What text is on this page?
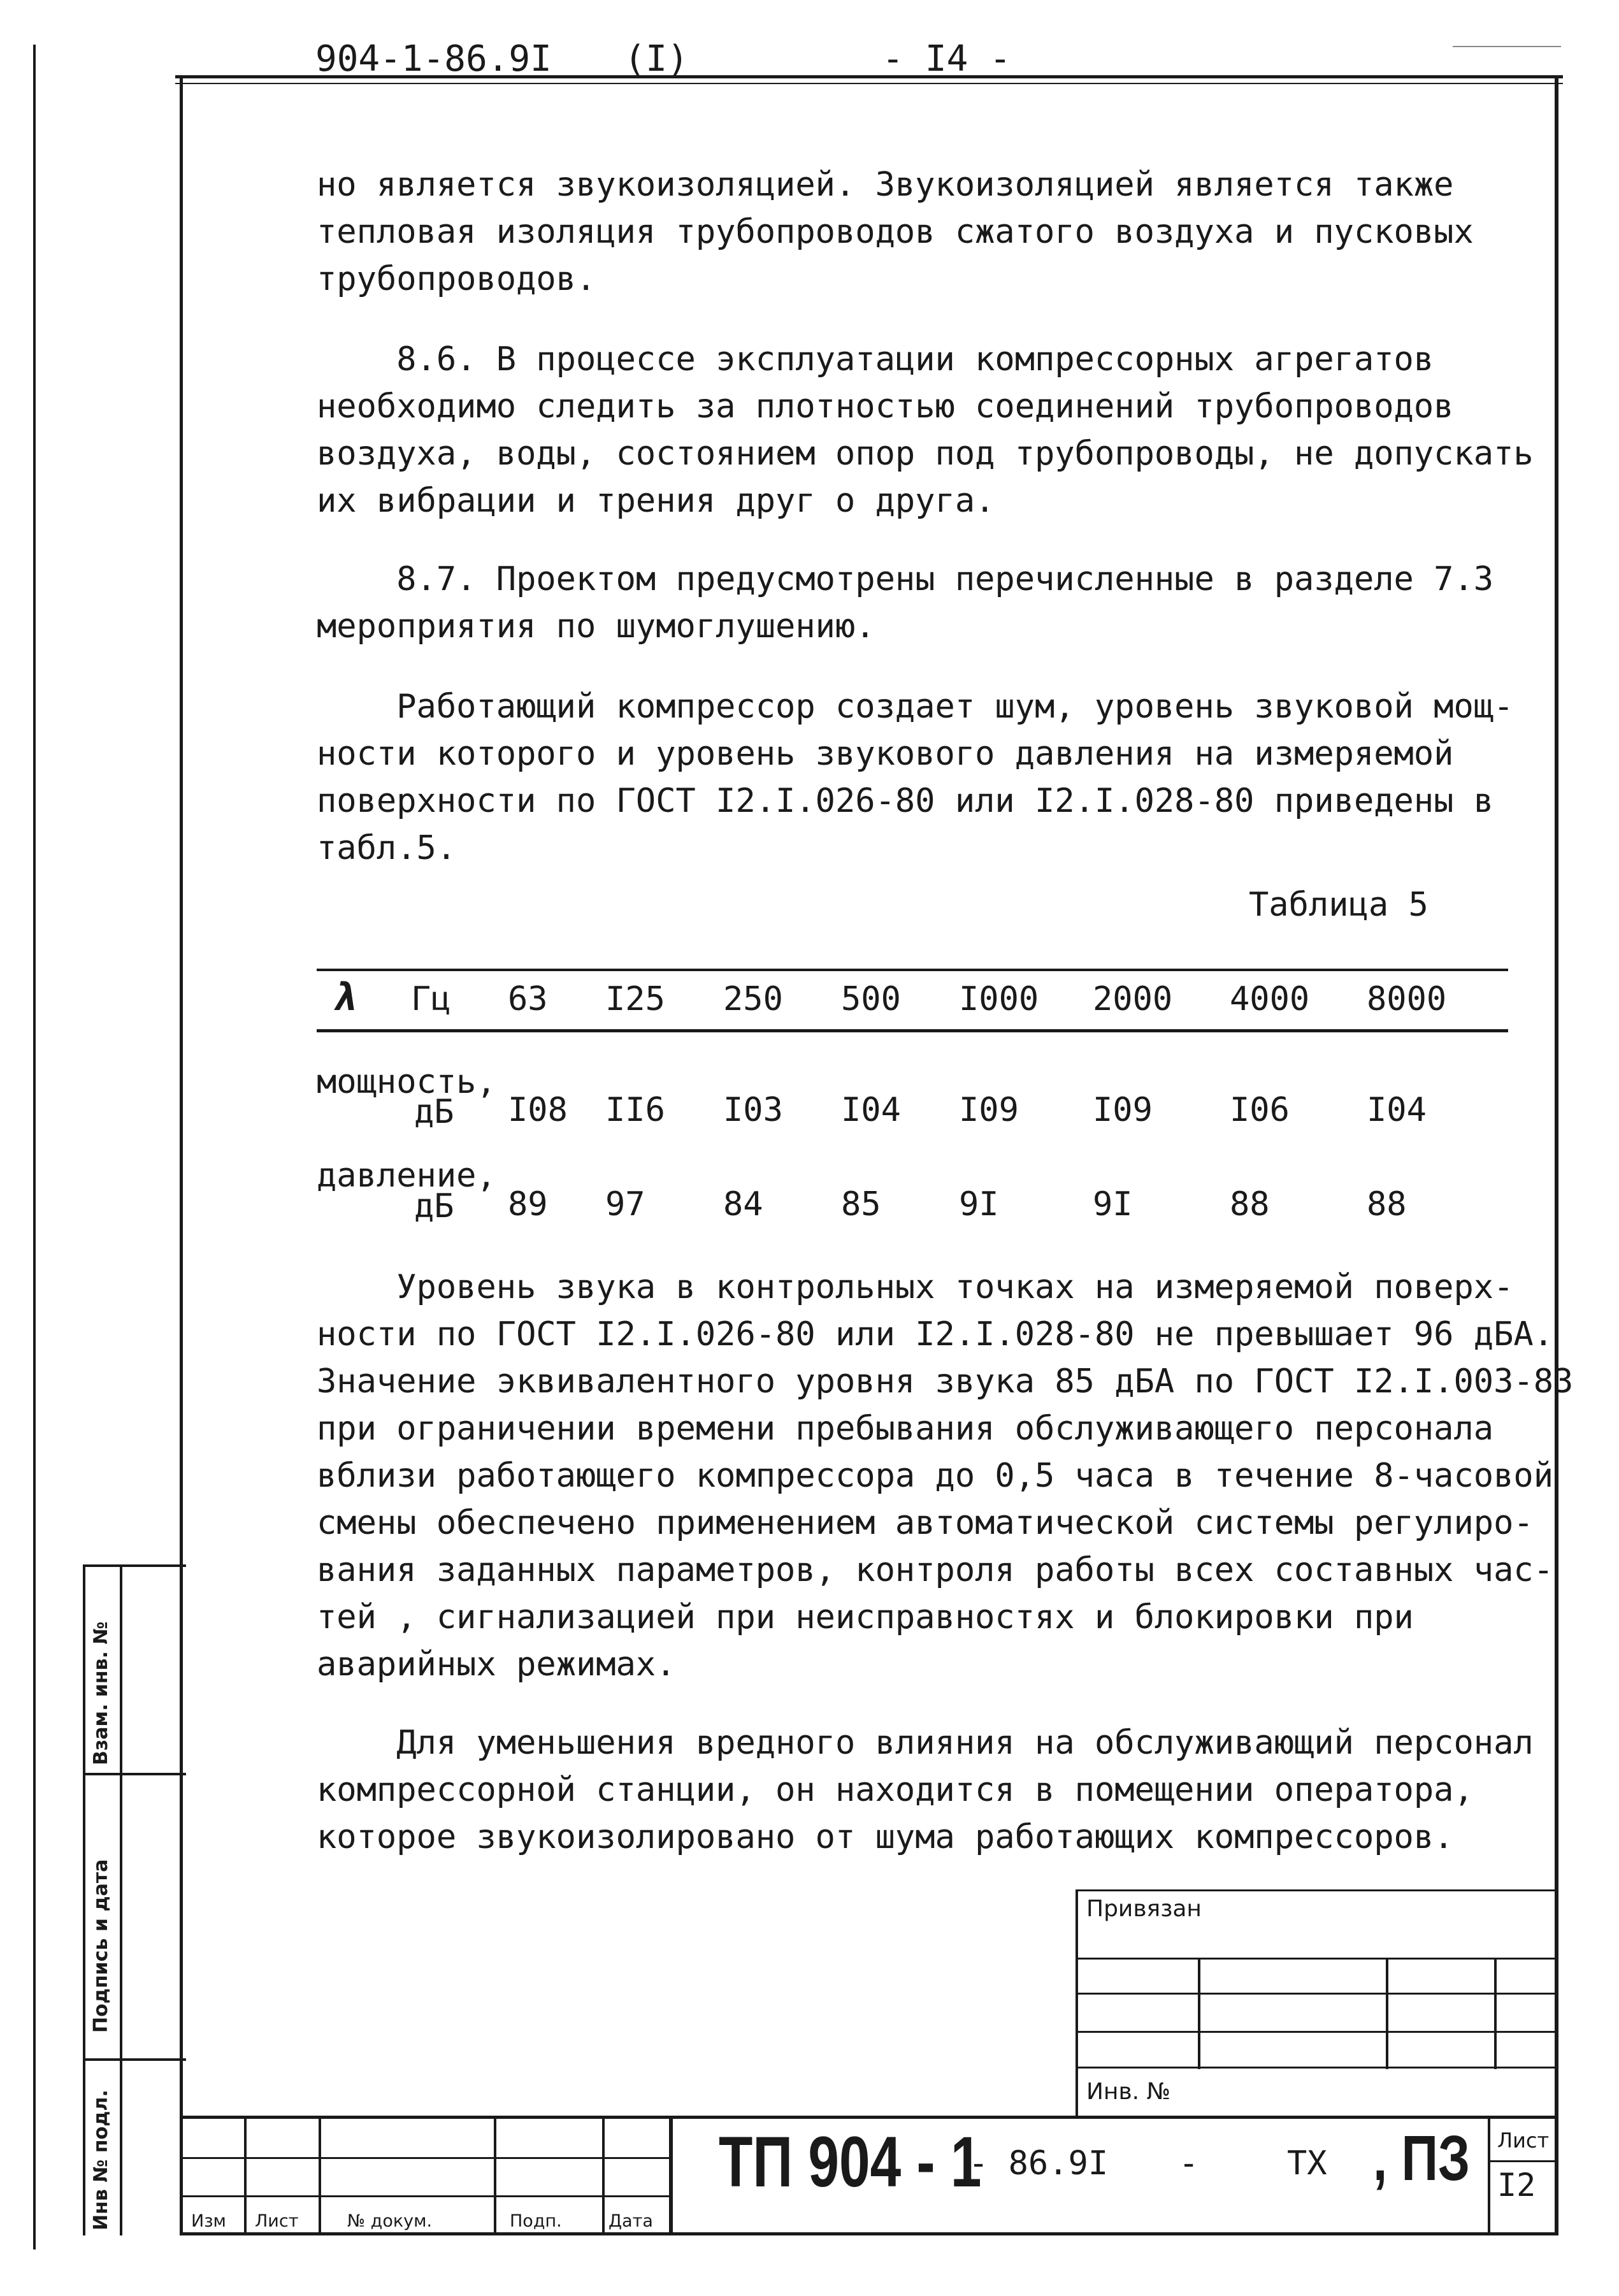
904-1-86.9I (I)	- I4 -
но является звукоизоляцией. Звукоизоляцией является также
тепловая изоляция трубопроводов сжатого воздуха и пусковых
трубопроводов.
8.6. В процессе эксплуатации компрессорных агрегатов
необходимо следить за плотностью соединений трубопроводов
воздуха, воды, состоянием опор под трубопроводы, не допускать
их вибрации и трения друг о друга.
8.7. Проектом предусмотрены перечисленные в разделе 7.3
мероприятия по шумоглушению.
Работающий компрессор создает шум, уровень звуковой мощ-
ности которого и уровень звукового давления на измеряемой
поверхности по ГОСТ I2.I.026-80 или I2.I.028-80 приведены в
табл.5.
Таблица 5
λ Гц 63 I25 250 500 I000 2000 4000 8000
мощность,
дБ I08 II6 I03 I04 I09 I09 I06 I04
давление,
дБ 89 97 84 85 9I	9I	88	88
Уровень звука в контрольных точках на измеряемой поверх-
ности по ГОСТ I2.I.026-80 или I2.I.028-80 не превышает 96 дБА.
Значение эквивалентного уровня звука 85 дБА по ГОСТ I2.I.003-83
при ограничении времени пребывания обслуживающего персонала
вблизи работающего компрессора до 0,5 часа в течение 8-часовой
смены обеспечено применением автоматической системы регулиро-
вания заданных параметров, контроля работы всех составных час-
тей , сигнализацией при неисправностях и блокировки при
аварийных режимах.
Для уменьшения вредного влияния на обслуживающий персонал
компрессорной станции, он находится в помещении оператора,
которое звукоизолировано от шума работающих компрессоров.
Взам. инв. №
Подпись и дата
Инв № подл.
Привязан
Инв. №
Изм Лист	№ докум.	Подп.	Дата
ТП 904 - 1
- 86.9I -	ТХ , ПЗ Лист
I2
